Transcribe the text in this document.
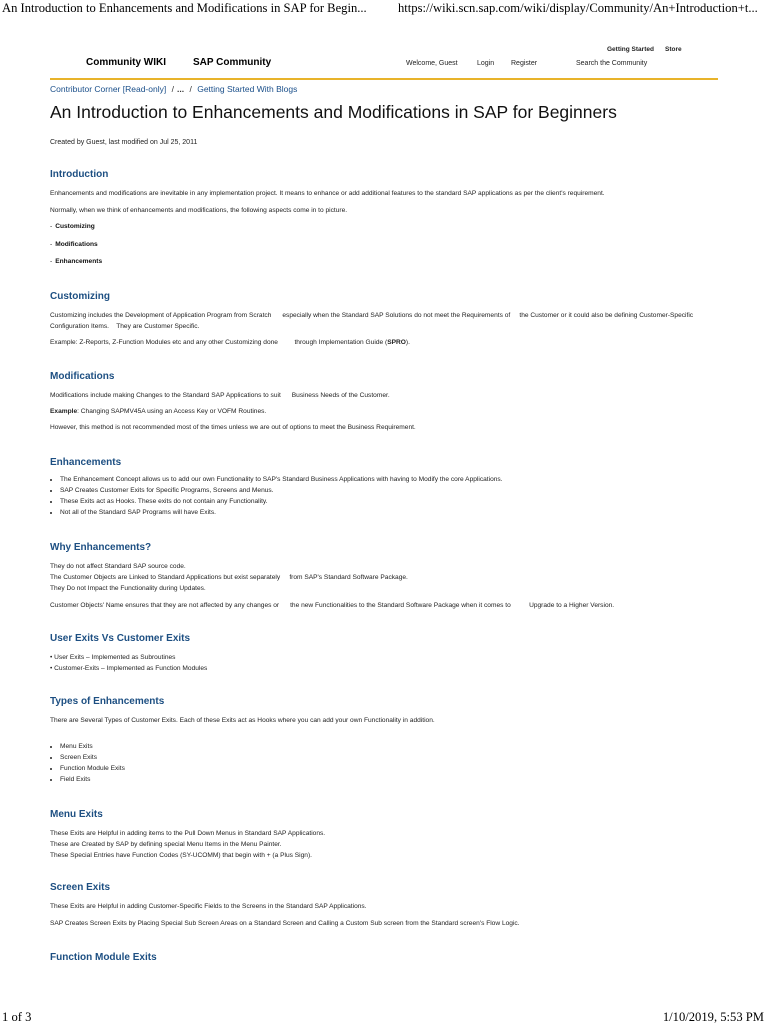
An Introduction to Enhancements and Modifications in SAP for Begin... https://wiki.scn.sap.com/wiki/display/Community/An+Introduction+t...
Community WIKI	SAP Community	Welcome, Guest	Login Register
Getting Started Store
Search the Community
Contributor Corner [Read-only] / ... / Getting Started With Blogs
An Introduction to Enhancements and Modifications in SAP for Beginners
Created by Guest, last modified on Jul 25, 2011
Introduction

Enhancements and modifications are inevitable in any implementation project. It means to enhance or add additional features to the standard SAP applications as per the client's requirement.

Normally, when we think of enhancements and modifications, the following aspects come in to picture.

- Customizing
- Modifications
- Enhancements
Customizing

Customizing includes the Development of Application Program from Scratch      especially when the Standard SAP Solutions do not meet the Requirements of     the Customer or it could also be defining Customer-Specific Configuration Items.    They are Customer Specific.

Example: Z-Reports, Z-Function Modules etc and any other Customizing done         through Implementation Guide (SPRO).

Modifications

Modifications include making Changes to the Standard SAP Applications to suit      Business Needs of the Customer.

Example: Changing SAPMV45A using an Access Key or VOFM Routines.

However, this method is not recommended most of the times unless we are out of options to meet the Business Requirement.

Enhancements
• The Enhancement Concept allows us to add our own Functionality to SAP's Standard Business Applications with having to Modify the core Applications.
• SAP Creates Customer Exits for Specific Programs, Screens and Menus.
• These Exits act as Hooks. These exits do not contain any Functionality.
• Not all of the Standard SAP Programs will have Exits.
Why Enhancements?

They do not affect Standard SAP source code.

The Customer Objects are Linked to Standard Applications but exist separately     from SAP's Standard Software Package.

They Do not Impact the Functionality during Updates.

Customer Objects' Name ensures that they are not affected by any changes or      the new Functionalities to the Standard Software Package when it comes to          Upgrade to a Higher Version.

User Exits Vs Customer Exits

• User Exits – Implemented as Subroutines

• Customer-Exits – Implemented as Function Modules

Types of Enhancements

There are Several Types of Customer Exits. Each of these Exits act as Hooks where you can add your own Functionality in addition.

• Menu Exits
• Screen Exits
• Function Module Exits
• Field Exits
Menu Exits

These Exits are Helpful in adding items to the Pull Down Menus in Standard SAP Applications.

These are Created by SAP by defining special Menu Items in the Menu Painter.

These Special Entries have Function Codes (SY-UCOMM) that begin with + (a Plus Sign).

Screen Exits

These Exits are Helpful in adding Customer-Specific Fields to the Screens in the Standard SAP Applications.

SAP Creates Screen Exits by Placing Special Sub Screen Areas on a Standard Screen and Calling a Custom Sub screen from the Standard screen's Flow Logic.

Function Module Exits
1 of 3	1/10/2019, 5:53 PM
